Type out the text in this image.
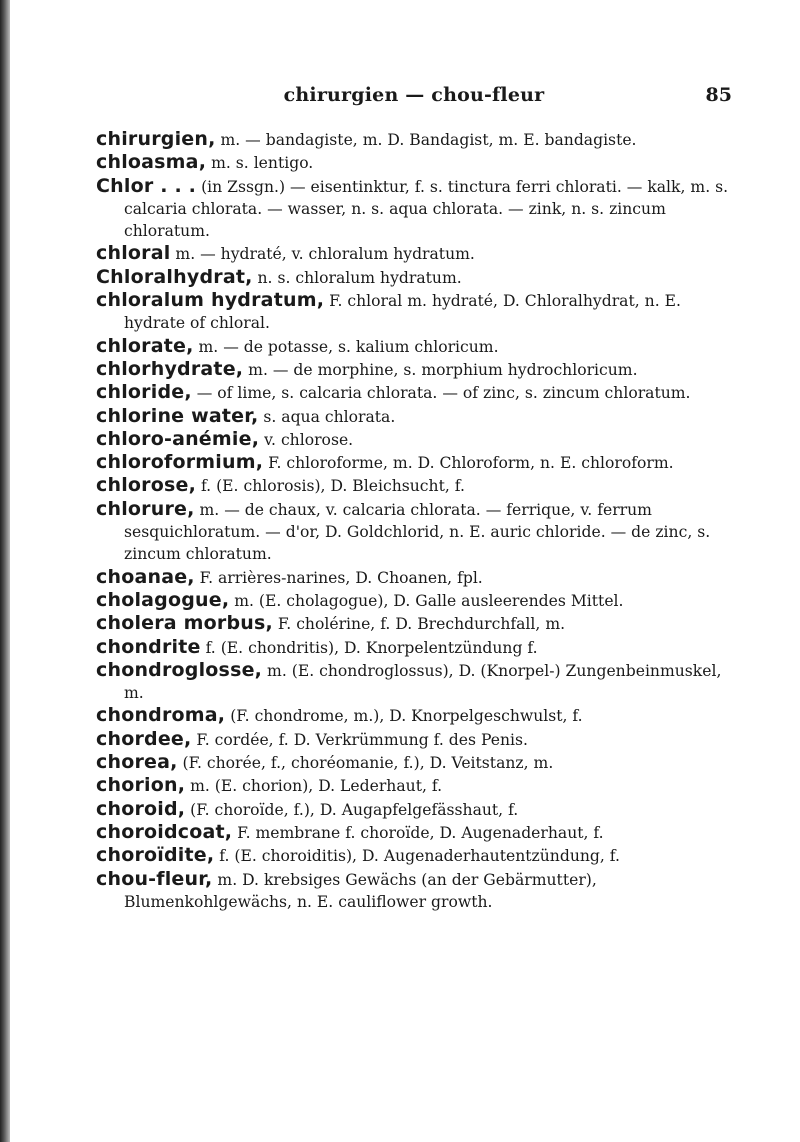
chirurgien — chou-fleur	85

chirurgien, m. — bandagiste, m. D. Bandagist, m. E. bandagiste.

chloasma, m. s. lentigo.

Chlor . . . (in Zssgn.) — eisentinktur, f. s. tinctura ferri chlorati. — kalk, m. s. calcaria chlorata. — wasser, n. s. aqua chlorata. — zink, n. s. zincum chloratum.

chloral m. — hydraté, v. chloralum hydratum.

Chloralhydrat, n. s. chloralum hydratum.

chloralum hydratum, F. chloral m. hydraté, D. Chloralhydrat, n. E. hydrate of chloral.

chlorate, m. — de potasse, s. kalium chloricum.

chlorhydrate, m. — de morphine, s. morphium hydrochloricum.

chloride, — of lime, s. calcaria chlorata. — of zinc, s. zincum chloratum.

chlorine water, s. aqua chlorata.

chloro-anémie, v. chlorose.

chloroformium, F. chloroforme, m. D. Chloroform, n. E. chloroform.

chlorose, f. (E. chlorosis), D. Bleichsucht, f.

chlorure, m. — de chaux, v. calcaria chlorata. — ferrique, v. ferrum sesquichloratum. — d'or, D. Goldchlorid, n. E. auric chloride. — de zinc, s. zincum chloratum.

choanae, F. arrières-narines, D. Choanen, fpl.

cholagogue, m. (E. cholagogue), D. Galle ausleerendes Mittel.

cholera morbus, F. cholérine, f. D. Brechdurchfall, m.

chondrite f. (E. chondritis), D. Knorpelentzündung f.

chondroglosse, m. (E. chondroglossus), D. (Knorpel-) Zungenbeinmuskel, m.

chondroma, (F. chondrome, m.), D. Knorpelgeschwulst, f.

chordee, F. cordée, f. D. Verkrümmung f. des Penis.

chorea, (F. chorée, f., choréomanie, f.), D. Veitstanz, m.

chorion, m. (E. chorion), D. Lederhaut, f.

choroid, (F. choroïde, f.), D. Augapfelgefässhaut, f.

choroidcoat, F. membrane f. choroïde, D. Augenaderhaut, f.

choroïdite, f. (E. choroiditis), D. Augenaderhautentzündung, f.

chou-fleur, m. D. krebsiges Gewächs (an der Gebärmutter), Blumenkohlgewächs, n. E. cauliflower growth.
